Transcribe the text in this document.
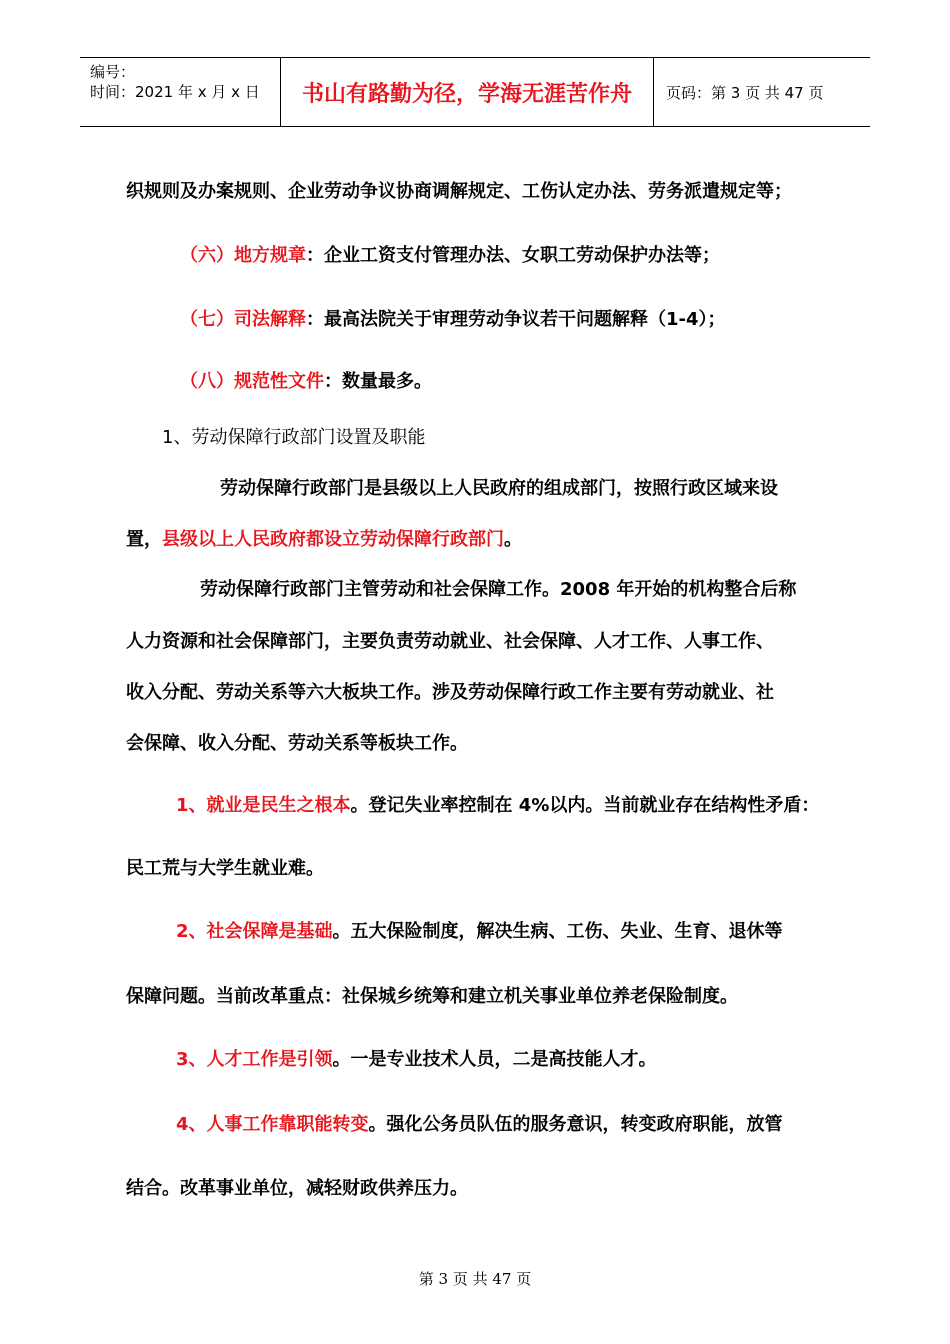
编号：
时间：2021 年 x 月 x 日	书山有路勤为径，学海无涯苦作舟	页码：第 3 页 共 47 页
织规则及办案规则、企业劳动争议协商调解规定、工伤认定办法、劳务派遣规定等；
（六）地方规章：企业工资支付管理办法、女职工劳动保护办法等；
（七）司法解释：最高法院关于审理劳动争议若干问题解释（1-4）；
（八）规范性文件：数量最多。
1、劳动保障行政部门设置及职能
劳动保障行政部门是县级以上人民政府的组成部门，按照行政区域来设
置，县级以上人民政府都设立劳动保障行政部门。
劳动保障行政部门主管劳动和社会保障工作。2008 年开始的机构整合后称
人力资源和社会保障部门，主要负责劳动就业、社会保障、人才工作、人事工作、
收入分配、劳动关系等六大板块工作。涉及劳动保障行政工作主要有劳动就业、社
会保障、收入分配、劳动关系等板块工作。
1、就业是民生之根本。登记失业率控制在 4%以内。当前就业存在结构性矛盾：
民工荒与大学生就业难。
2、社会保障是基础。五大保险制度，解决生病、工伤、失业、生育、退休等
保障问题。当前改革重点：社保城乡统筹和建立机关事业单位养老保险制度。
3、人才工作是引领。一是专业技术人员，二是高技能人才。
4、人事工作靠职能转变。强化公务员队伍的服务意识，转变政府职能，放管
结合。改革事业单位，减轻财政供养压力。
第 3 页 共 47 页
